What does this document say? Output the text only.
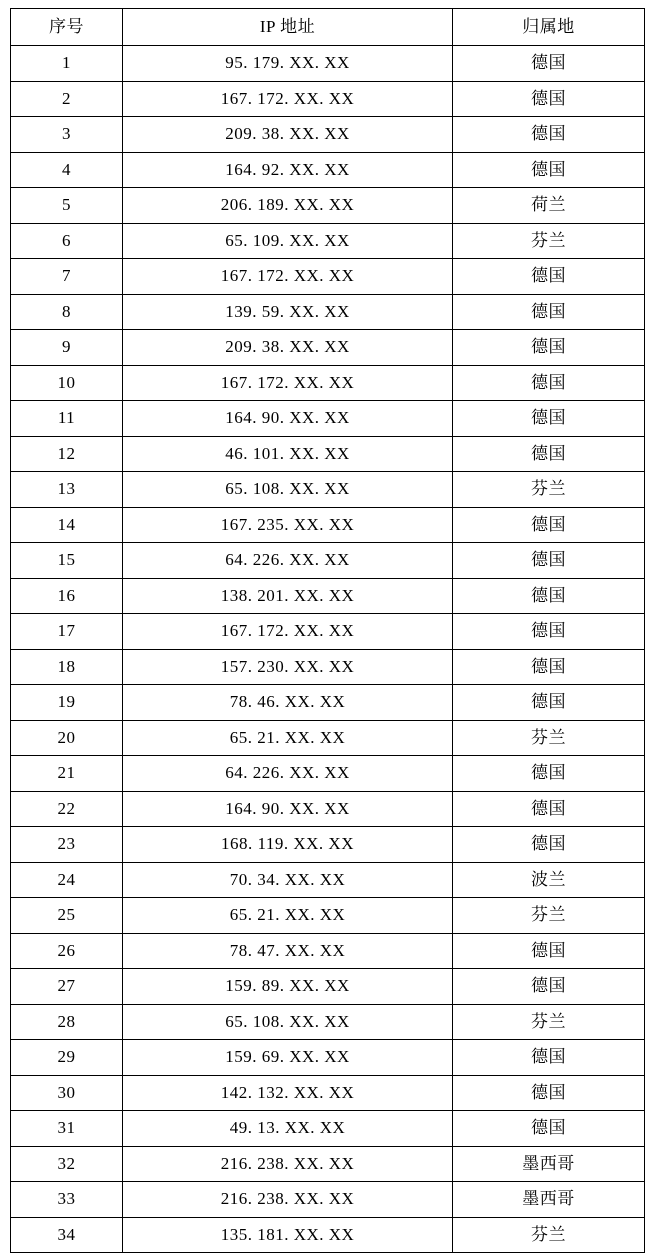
序号	IP 地址	归属地
1	95. 179. XX. XX	德国
2	167. 172. XX. XX	德国
3	209. 38. XX. XX	德国
4	164. 92. XX. XX	德国
5	206. 189. XX. XX	荷兰
6	65. 109. XX. XX	芬兰
7	167. 172. XX. XX	德国
8	139. 59. XX. XX	德国
9	209. 38. XX. XX	德国
10	167. 172. XX. XX	德国
11	164. 90. XX. XX	德国
12	46. 101. XX. XX	德国
13	65. 108. XX. XX	芬兰
14	167. 235. XX. XX	德国
15	64. 226. XX. XX	德国
16	138. 201. XX. XX	德国
17	167. 172. XX. XX	德国
18	157. 230. XX. XX	德国
19	78. 46. XX. XX	德国
20	65. 21. XX. XX	芬兰
21	64. 226. XX. XX	德国
22	164. 90. XX. XX	德国
23	168. 119. XX. XX	德国
24	70. 34. XX. XX	波兰
25	65. 21. XX. XX	芬兰
26	78. 47. XX. XX	德国
27	159. 89. XX. XX	德国
28	65. 108. XX. XX	芬兰
29	159. 69. XX. XX	德国
30	142. 132. XX. XX	德国
31	49. 13. XX. XX	德国
32	216. 238. XX. XX	墨西哥
33	216. 238. XX. XX	墨西哥
34	135. 181. XX. XX	芬兰
